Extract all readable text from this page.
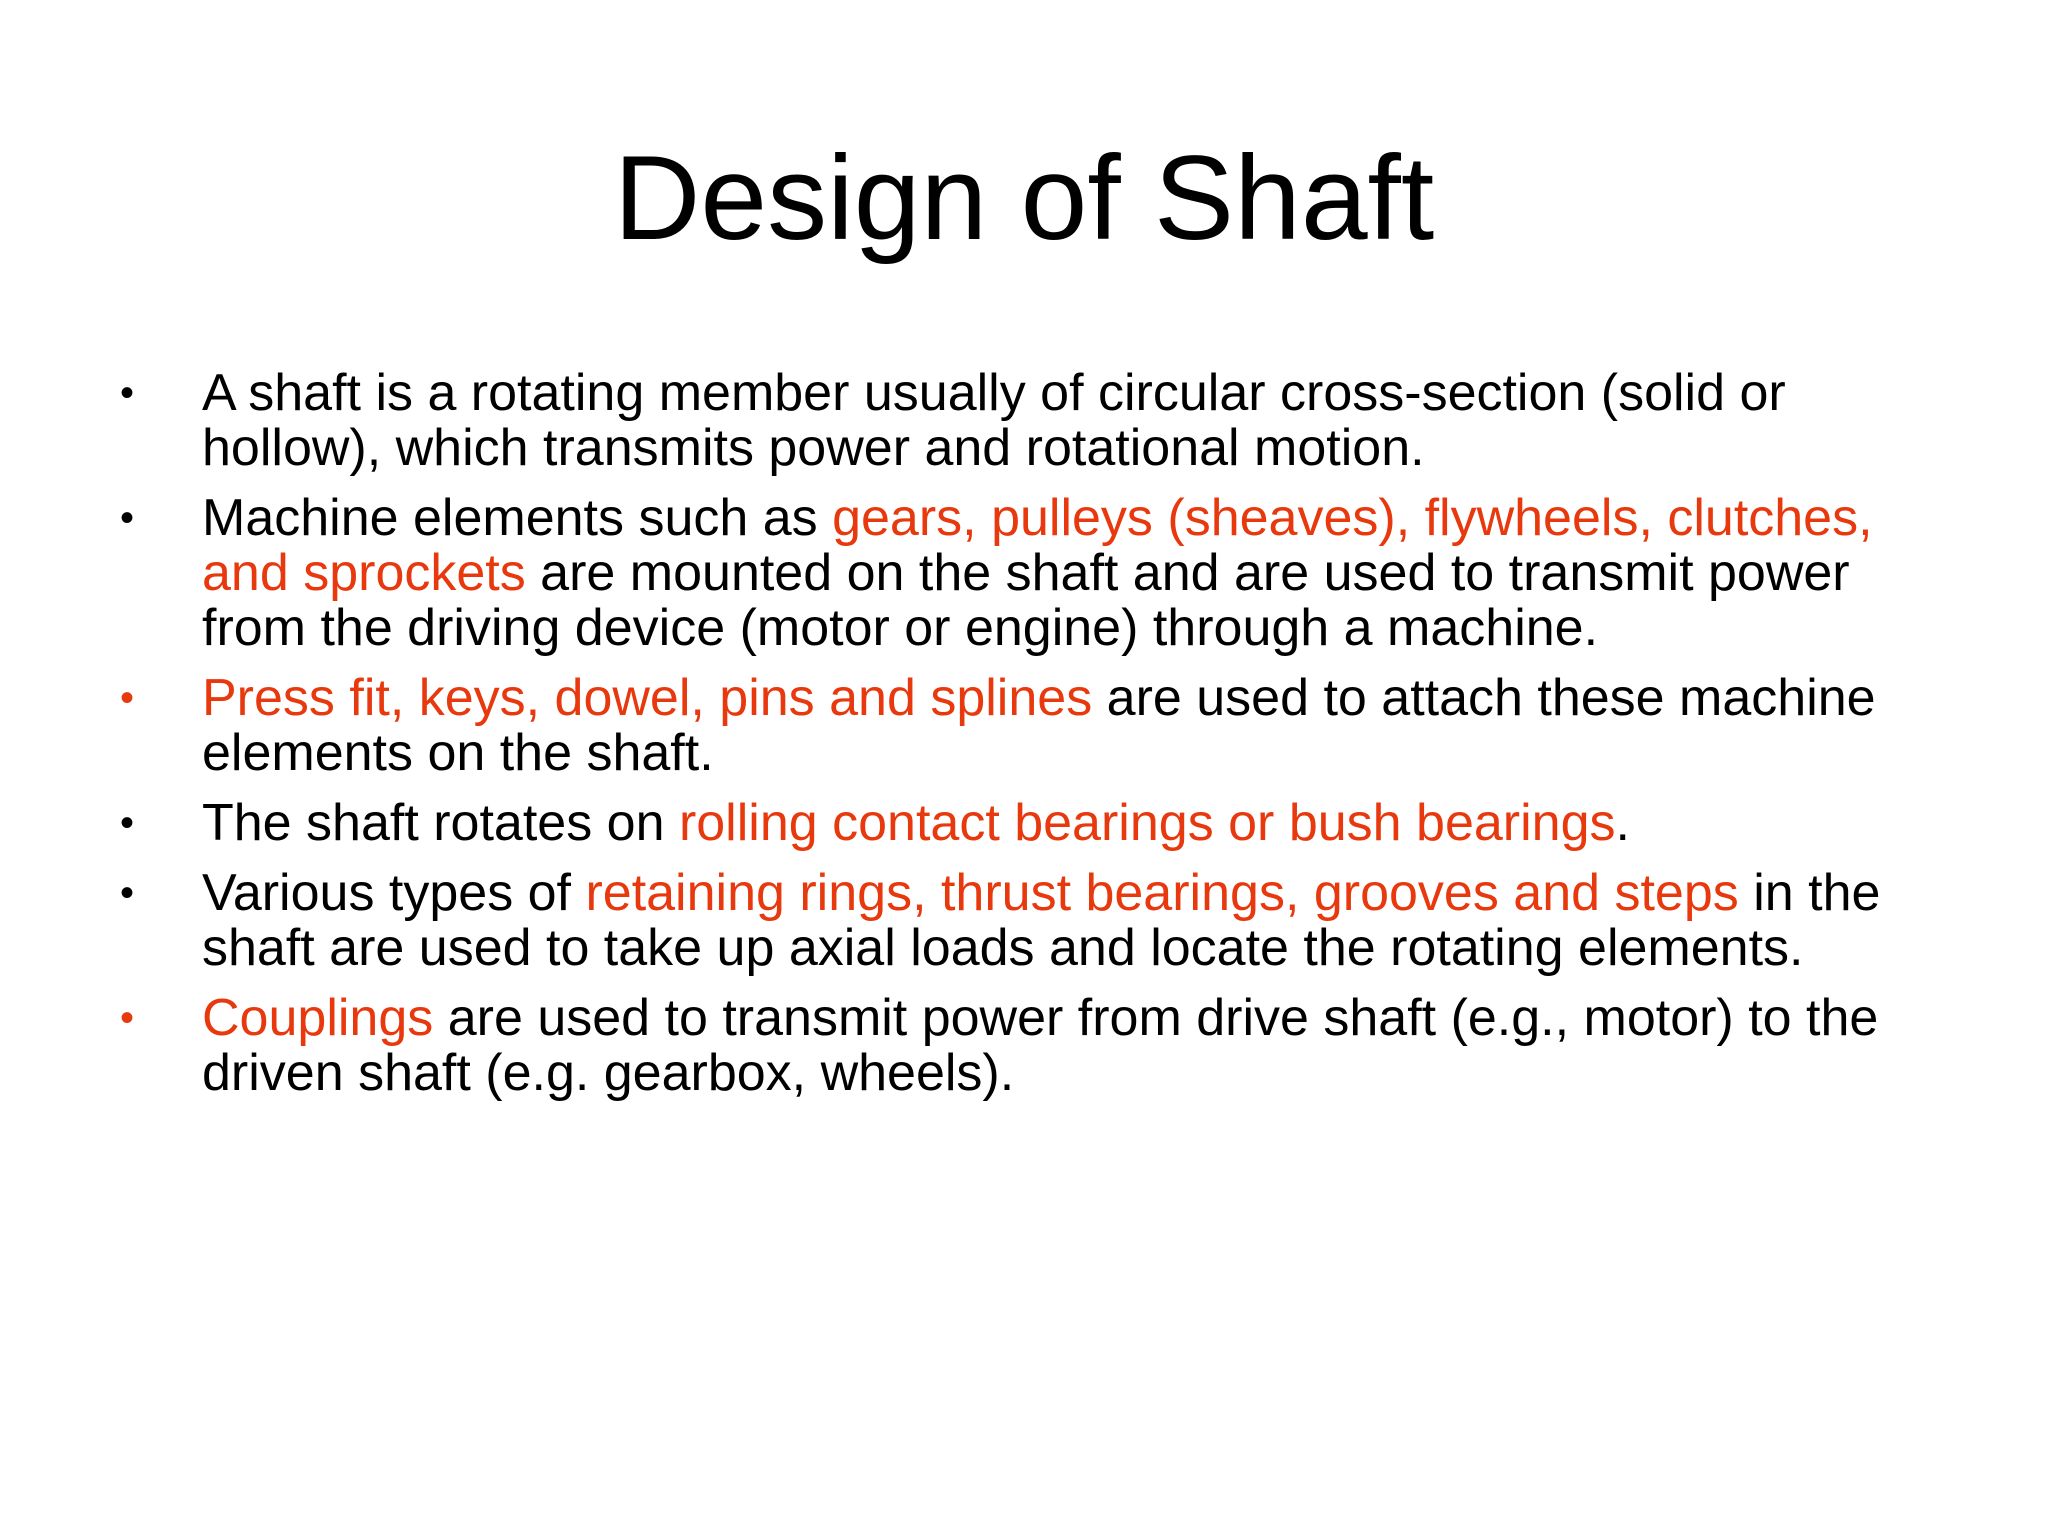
Design of Shaft
•	A shaft is a rotating member usually of circular cross-section (solid or hollow), which transmits power and rotational motion.
•	Machine elements such as gears, pulleys (sheaves), flywheels, clutches, and sprockets are mounted on the shaft and are used to transmit power from the driving device (motor or engine) through a machine.
•	Press fit, keys, dowel, pins and splines are used to attach these machine elements on the shaft.
•	The shaft rotates on rolling contact bearings or bush bearings.
•	Various types of retaining rings, thrust bearings, grooves and steps in the shaft are used to take up axial loads and locate the rotating elements.
•	Couplings are used to transmit power from drive shaft (e.g., motor) to the driven shaft (e.g. gearbox, wheels).
